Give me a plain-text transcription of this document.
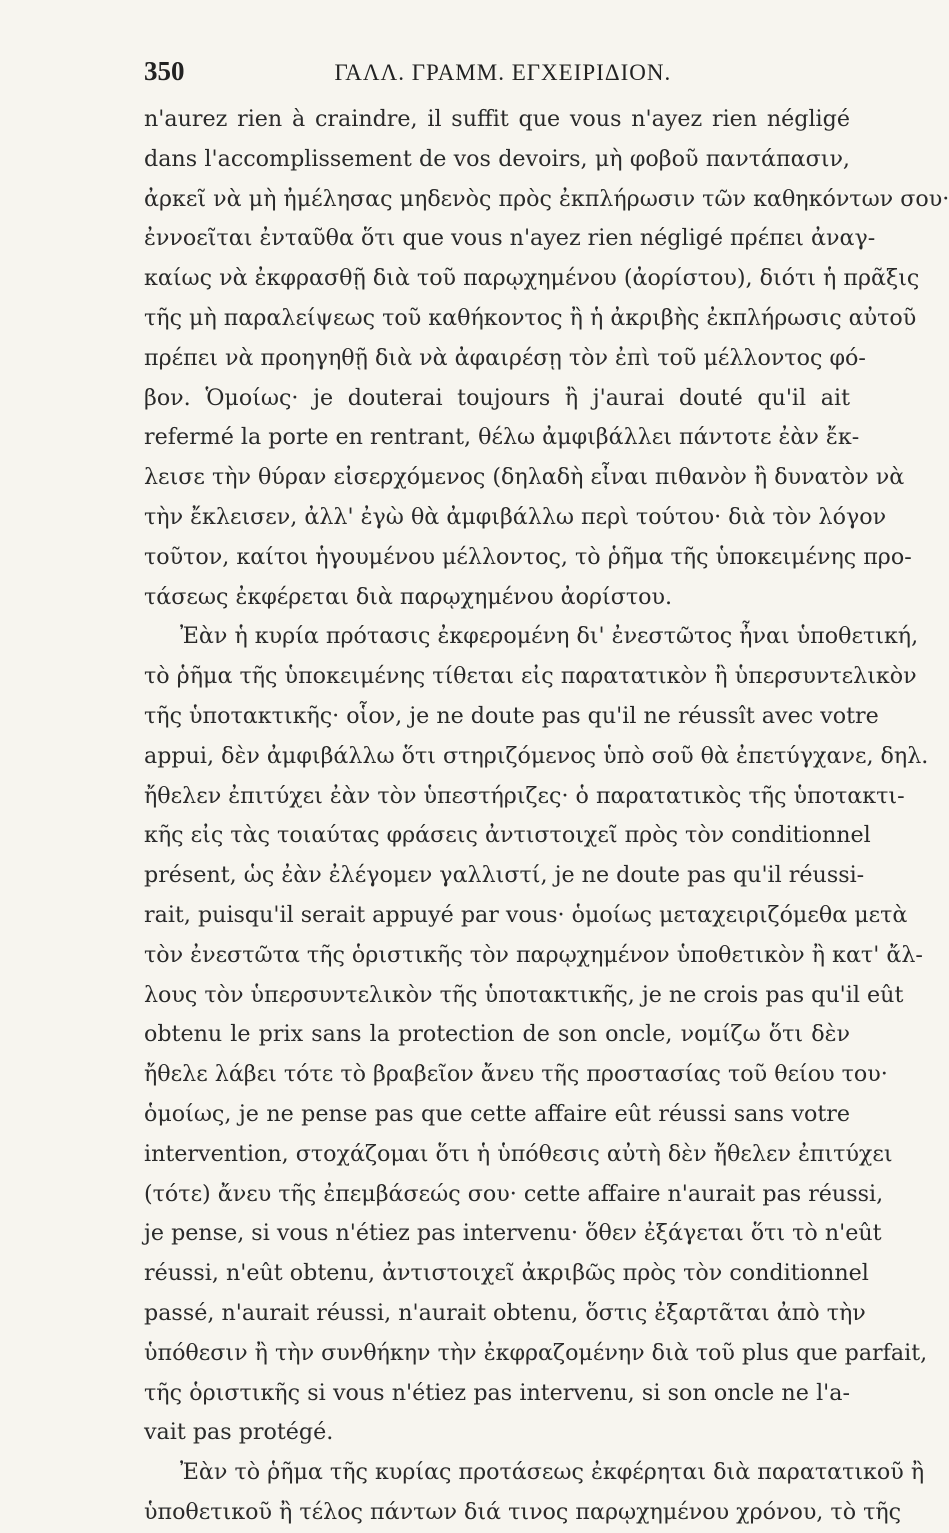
350	ΓΑΛΛ. ΓΡΑΜΜ. ΕΓΧΕΙΡΙΔΙΟΝ.
n'aurez rien à craindre, il suffit que vous n'ayez rien négligé
dans l'accomplissement de vos devoirs, μὴ φοβοῦ παντάπασιν,
ἀρκεῖ νὰ μὴ ἠμέλησας μηδενὸς πρὸς ἐκπλήρωσιν τῶν καθηκόντων σου·
ἐννοεῖται ἐνταῦθα ὅτι que vous n'ayez rien négligé πρέπει ἀναγ-
καίως νὰ ἐκφρασθῇ διὰ τοῦ παρῳχημένου (ἀορίστου), διότι ἡ πρᾶξις
τῆς μὴ παραλείψεως τοῦ καθήκοντος ἢ ἡ ἀκριβὴς ἐκπλήρωσις αὐτοῦ
πρέπει νὰ προηγηθῇ διὰ νὰ ἀφαιρέσῃ τὸν ἐπὶ τοῦ μέλλοντος φό-
βον. Ὁμοίως· je douterai toujours ἢ j'aurai douté qu'il ait
refermé la porte en rentrant, θέλω ἀμφιβάλλει πάντοτε ἐὰν ἔκ-
λεισε τὴν θύραν εἰσερχόμενος (δηλαδὴ εἶναι πιθανὸν ἢ δυνατὸν νὰ
τὴν ἔκλεισεν, ἀλλ' ἐγὼ θὰ ἀμφιβάλλω περὶ τούτου· διὰ τὸν λόγον
τοῦτον, καίτοι ἡγουμένου μέλλοντος, τὸ ῥῆμα τῆς ὑποκειμένης προ-
τάσεως ἐκφέρεται διὰ παρῳχημένου ἀορίστου.
Ἐὰν ἡ κυρία πρότασις ἐκφερομένη δι' ἐνεστῶτος ἦναι ὑποθετική,
τὸ ῥῆμα τῆς ὑποκειμένης τίθεται εἰς παρατατικὸν ἢ ὑπερσυντελικὸν
τῆς ὑποτακτικῆς· οἷον, je ne doute pas qu'il ne réussît avec votre
appui, δὲν ἀμφιβάλλω ὅτι στηριζόμενος ὑπὸ σοῦ θὰ ἐπετύγχανε, δηλ.
ἤθελεν ἐπιτύχει ἐὰν τὸν ὑπεστήριζες· ὁ παρατατικὸς τῆς ὑποτακτι-
κῆς εἰς τὰς τοιαύτας φράσεις ἀντιστοιχεῖ πρὸς τὸν conditionnel
présent, ὡς ἐὰν ἐλέγομεν γαλλιστί, je ne doute pas qu'il réussi-
rait, puisqu'il serait appuyé par vous· ὁμοίως μεταχειριζόμεθα μετὰ
τὸν ἐνεστῶτα τῆς ὁριστικῆς τὸν παρῳχημένον ὑποθετικὸν ἢ κατ' ἄλ-
λους τὸν ὑπερσυντελικὸν τῆς ὑποτακτικῆς, je ne crois pas qu'il eût
obtenu le prix sans la protection de son oncle, νομίζω ὅτι δὲν
ἤθελε λάβει τότε τὸ βραβεῖον ἄνευ τῆς προστασίας τοῦ θείου του·
ὁμοίως, je ne pense pas que cette affaire eût réussi sans votre
intervention, στοχάζομαι ὅτι ἡ ὑπόθεσις αὐτὴ δὲν ἤθελεν ἐπιτύχει
(τότε) ἄνευ τῆς ἐπεμβάσεώς σου· cette affaire n'aurait pas réussi,
je pense, si vous n'étiez pas intervenu· ὅθεν ἐξάγεται ὅτι τὸ n'eût
réussi, n'eût obtenu, ἀντιστοιχεῖ ἀκριβῶς πρὸς τὸν conditionnel
passé, n'aurait réussi, n'aurait obtenu, ὅστις ἐξαρτᾶται ἀπὸ τὴν
ὑπόθεσιν ἢ τὴν συνθήκην τὴν ἐκφραζομένην διὰ τοῦ plus que parfait,
τῆς ὁριστικῆς si vous n'étiez pas intervenu, si son oncle ne l'a-
vait pas protégé.
Ἐὰν τὸ ῥῆμα τῆς κυρίας προτάσεως ἐκφέρηται διὰ παρατατικοῦ ἢ
ὑποθετικοῦ ἢ τέλος πάντων διά τινος παρῳχημένου χρόνου, τὸ τῆς
